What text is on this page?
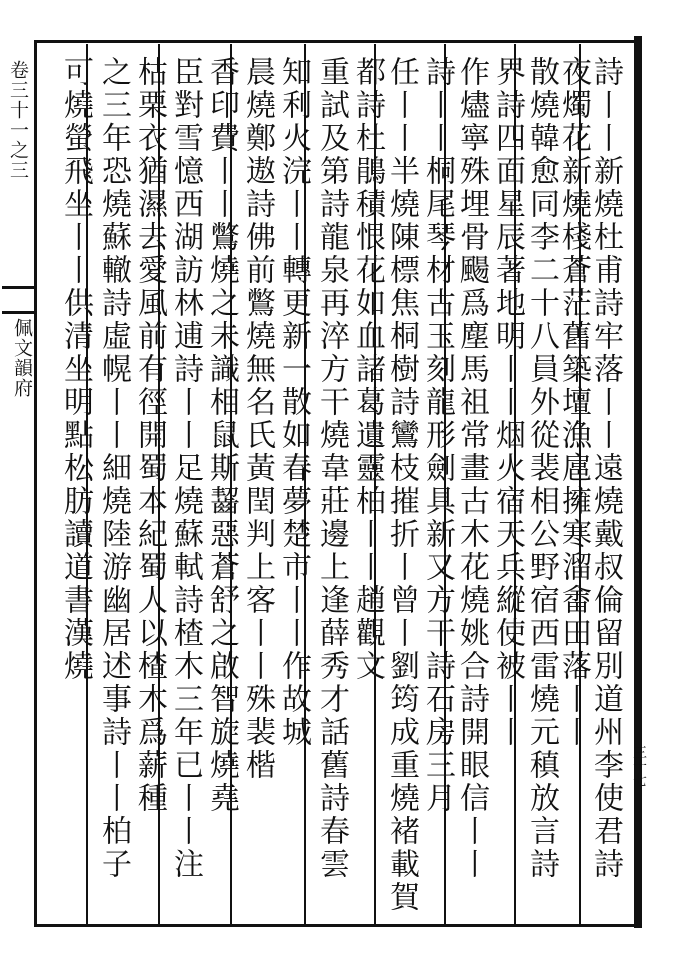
卷三十一之三
佩文韻府	詩丨丨新燒杜甫詩牢落丨丨遠燒戴叔倫留別道州李使君詩
夜燭花新燒棧蒼茫舊築壇漁扈擁寒溜畬田落丨丨
散燒韓愈同李二十八員外從裴相公野宿西雷燒元稹放言詩
界詩四面星辰著地明丨丨烟火宿天兵縱使被丨丨
作燼寧殊埋骨颺爲塵馬祖常畫古木花燒姚合詩開眼信丨丨
詩丨丨桐尾琴材古玉刻龍形劍具新又方干詩石房三月
任丨丨半燒陳標焦桐樹詩鸞枝摧折丨曾丨劉筠成重燒褚載賀
都詩杜鵑積恨花如血諸葛遺靈柏丨丨趙觀文
重試及第詩龍泉再淬方干燒韋莊邊上逢薛秀才話舊詩春雲
知利火浣丨丨轉更新一散如春夢楚市丨丨作故城
晨燒鄭遨詩佛前鷩燒無名氏黃閏判上客丨丨殊裴楷
香印費丨丨鷩燒之未識相鼠斯齧惡蒼舒之啟智旋燒堯
臣對雪憶西湖訪林逋詩丨丨足燒蘇軾詩楂木三年已丨丨注
枯栗衣猶濕去愛風前有徑開蜀本紀蜀人以楂木爲薪種
之三年恐燒蘇轍詩虛幌丨丨細燒陸游幽居述事詩丨丨柏子
可燒螢飛坐丨丨供清坐明點松肪讀道書漢燒
三十七
